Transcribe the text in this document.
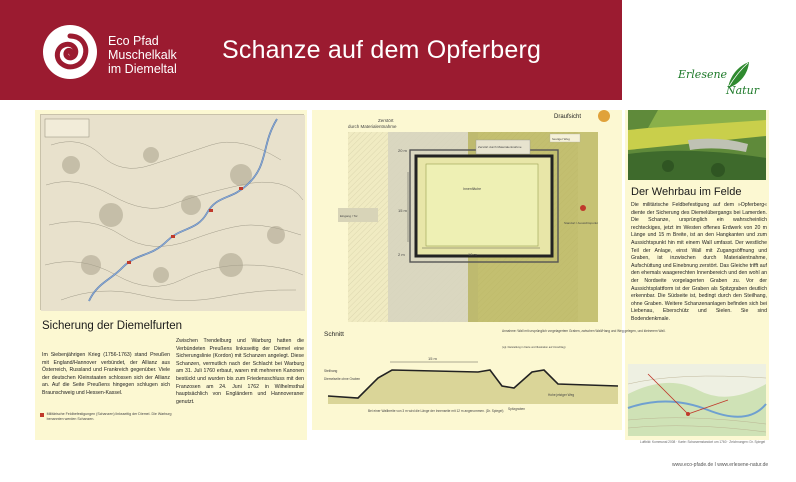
Eco Pfad
Muschelkalk
im Diemeltal
Schanze auf dem Opferberg
Erlesene
Natur
Sicherung der Diemelfurten
Im Siebenjährigen Krieg (1756-1763) stand Preußen mit England/Hannover verbündet, der Allianz aus Österreich, Russland und Frankreich gegenüber. Viele der deutschen Kleinstaaten schlossen sich der Allianz an. Auf die Seite Preußens hingegen schlugen sich Braunschweig und Hessen-Kassel.
Zwischen Trendelburg und Warburg hatten die Verbündeten Preußens linksseitig der Diemel eine Sicherungslinie (Kordon) mit Schanzen angelegt. Diese Schanzen, vermutlich nach der Schlacht bei Warburg am 31. Juli 1760 erbaut, waren mit mehreren Kanonen bestückt und wurden bis zum Friedensschluss mit den Franzosen am 24. Juni 1762 in Wilhelmsthal hauptsächlich von Engländern und Hannoveraner genutzt.
Militärische Feldbefestigungen (Schanzen) linksseitig der Diemel. Die Warburg benannten werden Schanzen.
Draufsicht
Zerstört
durch Materialentnahme
Zerstört durch Materialentnahme
heutiger Weg
Innenfläche
Eingang / Tor
20 m
15 m
2 m	18 m
Standort / Aussichtspunkt
Schnitt	Annahme: Wall mit ursprünglich vorgelagertem Graben, zwischen Wall/Hang und Weg gelegen, und kleinerem Wall.
(vgl. Darstellung in Karte und Illustration auf Umschlag)
15 m
Steilhang
Diemelseite ohne Graben
Hohe jetziger Weg
Spitzgraben
Bei einer Wallbreite von 3 m wird die Länge der Innenseite mit 12 m angenommen. (Dr. Spiegel)
Der Wehrbau im Felde
Die militärische Feldbefestigung auf dem »Opferberg« diente der Sicherung des Diemelübergangs bei Lamerden. Die Schanze, ursprünglich ein wahrscheinlich rechteckiges, jetzt im Westen offenes Erdwerk von 20 m Länge und 15 m Breite, ist an den Hangkanten und zum Aussichtspunkt hin mit einem Wall umfasst. Der westliche Teil der Anlage, einst Wall mit Zugangsöffnung und Graben, ist inzwischen durch Materialentnahme, Aufschüttung und Einebnung zerstört. Das Gleiche trifft auf den ehemals waagerechten Innenbereich und den wohl an der Nordseite vorgelagerten Graben zu. Vor der Aussichtsplattform ist der Graben als Spitzgraben deutlich erkennbar. Die Südseite ist, bedingt durch den Steilhang, ohne Graben. Weitere Schanzenanlagen befinden sich bei Liebenau, Eberschütz und Sielen. Sie sind Bodendenkmale.
Luftbild: Kommunal 2008 · Karte: Schanzenstandort um 1760 · Zeichnungen: Dr. Spiegel
www.eco-pfade.de I www.erlesene-natur.de
